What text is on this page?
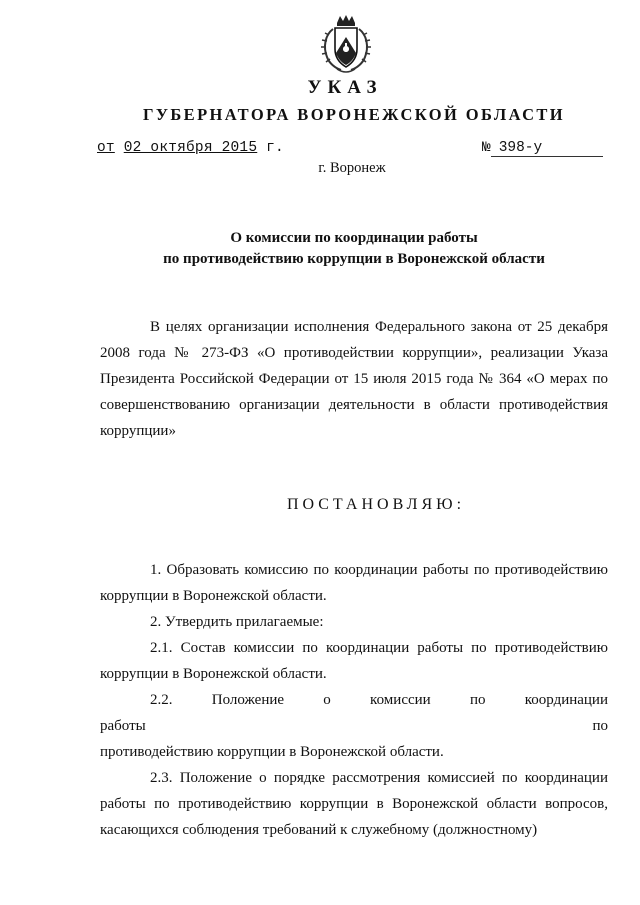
УКАЗ
ГУБЕРНАТОРА ВОРОНЕЖСКОЙ ОБЛАСТИ
от 02 октября 2015 г.	№ 398-у
г. Воронеж
О комиссии по координации работы
по противодействию коррупции в Воронежской области
В целях организации исполнения Федерального закона от 25 декабря
2008 года № 273-ФЗ «О противодействии коррупции», реализации Указа
Президента Российской Федерации от 15 июля 2015 года № 364 «О мерах по
совершенствованию организации деятельности в области противодействия
коррупции»
ПОСТАНОВЛЯЮ:
1. Образовать комиссию по координации работы по противодействию
коррупции в Воронежской области.
2. Утвердить прилагаемые:
2.1. Состав комиссии по координации работы по противодействию
коррупции в Воронежской области.
2.2. Положение о комиссии по координации работы по
противодействию коррупции в Воронежской области.
2.3. Положение о порядке рассмотрения комиссией по координации
работы по противодействию коррупции в Воронежской области вопросов,
касающихся соблюдения требований к служебному (должностному)
